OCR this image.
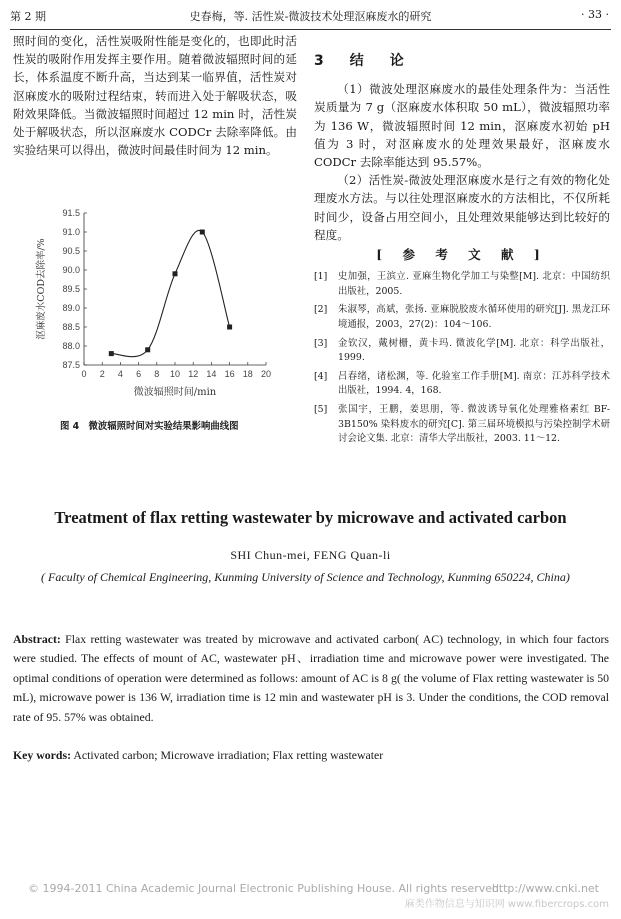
第 2 期	史春梅，等. 活性炭-微波技术处理沤麻废水的研究	· 33 ·

照时间的变化，活性炭吸附性能是变化的，也即此时活性炭的吸附作用发挥主要作用。随着微波辐照时间的延长，体系温度不断升高，当达到某一临界值，活性炭对沤麻废水的吸附过程结束，转而进入处于解吸状态，吸附效果降低。当微波辐照时间超过 12 min 时，活性炭处于解吸状态，所以沤麻废水 CODCr 去除率降低。由实验结果可以得出，微波时间最佳时间为 12 min。

0 2 4 6 8 10 12 14 16 18 20
87.5
88.0
88.5
89.0
89.5
90.0
90.5
91.0
91.5
微波辐照时间/min
沤麻废水COD去除率/%
图 4　微波辐照时间对实验结果影响曲线图
3　结　论

（1）微波处理沤麻废水的最佳处理条件为：当活性炭质量为 7 g（沤麻废水体积取 50 mL），微波辐照功率为 136 W，微波辐照时间 12 min，沤麻废水初始 pH 值为 3 时，对沤麻废水的处理效果最好，沤麻废水 CODCr 去除率能达到 95.57%。

（2）活性炭-微波处理沤麻废水是行之有效的物化处理废水方法。与以往处理沤麻废水的方法相比，不仅所耗时间少，设备占用空间小，且处理效果能够达到比较好的程度。

[ 参 考 文 献 ]
[1]	史加强，王滨立. 亚麻生物化学加工与染整[M]. 北京：中国纺织出版社，2005.
[2]	朱淑琴，高斌，张扬. 亚麻脱胶废水循环使用的研究[J]. 黑龙江环境通报，2003，27(2)：104～106.
[3]	金钦汉，戴树栅，黄卡玛. 微波化学[M]. 北京：科学出版社，1999.
[4]	吕春绪，诸松渊，等. 化验室工作手册[M]. 南京：江苏科学技术出版社，1994. 4，168.
[5]	张国宇，王鹏，姜思朋，等. 微波诱导氧化处理雅格素红 BF-3B150% 染料废水的研究[C]. 第三届环境模拟与污染控制学术研讨会论文集. 北京：清华大学出版社，2003. 11～12.
Treatment of flax retting wastewater by microwave and activated carbon
SHI Chun-mei, FENG Quan-li
( Faculty of Chemical Engineering, Kunming University of Science and Technology, Kunming 650224, China)
Abstract: Flax retting wastewater was treated by microwave and activated carbon( AC) technology, in which four factors were studied. The effects of mount of AC, wastewater pH、irradiation time and microwave power were investigated. The optimal conditions of operation were determined as follows: amount of AC is 8 g( the volume of Flax retting wastewater is 50 mL), microwave power is 136 W, irradiation time is 12 min and wastewater pH is 3. Under the conditions, the COD removal rate of 95. 57% was obtained.
Key words: Activated carbon; Microwave irradiation; Flax retting wastewater
© 1994-2011 China Academic Journal Electronic Publishing House. All rights reserved.
http://www.cnki.net
麻类作物信息与知识网 www.fibercrops.com
